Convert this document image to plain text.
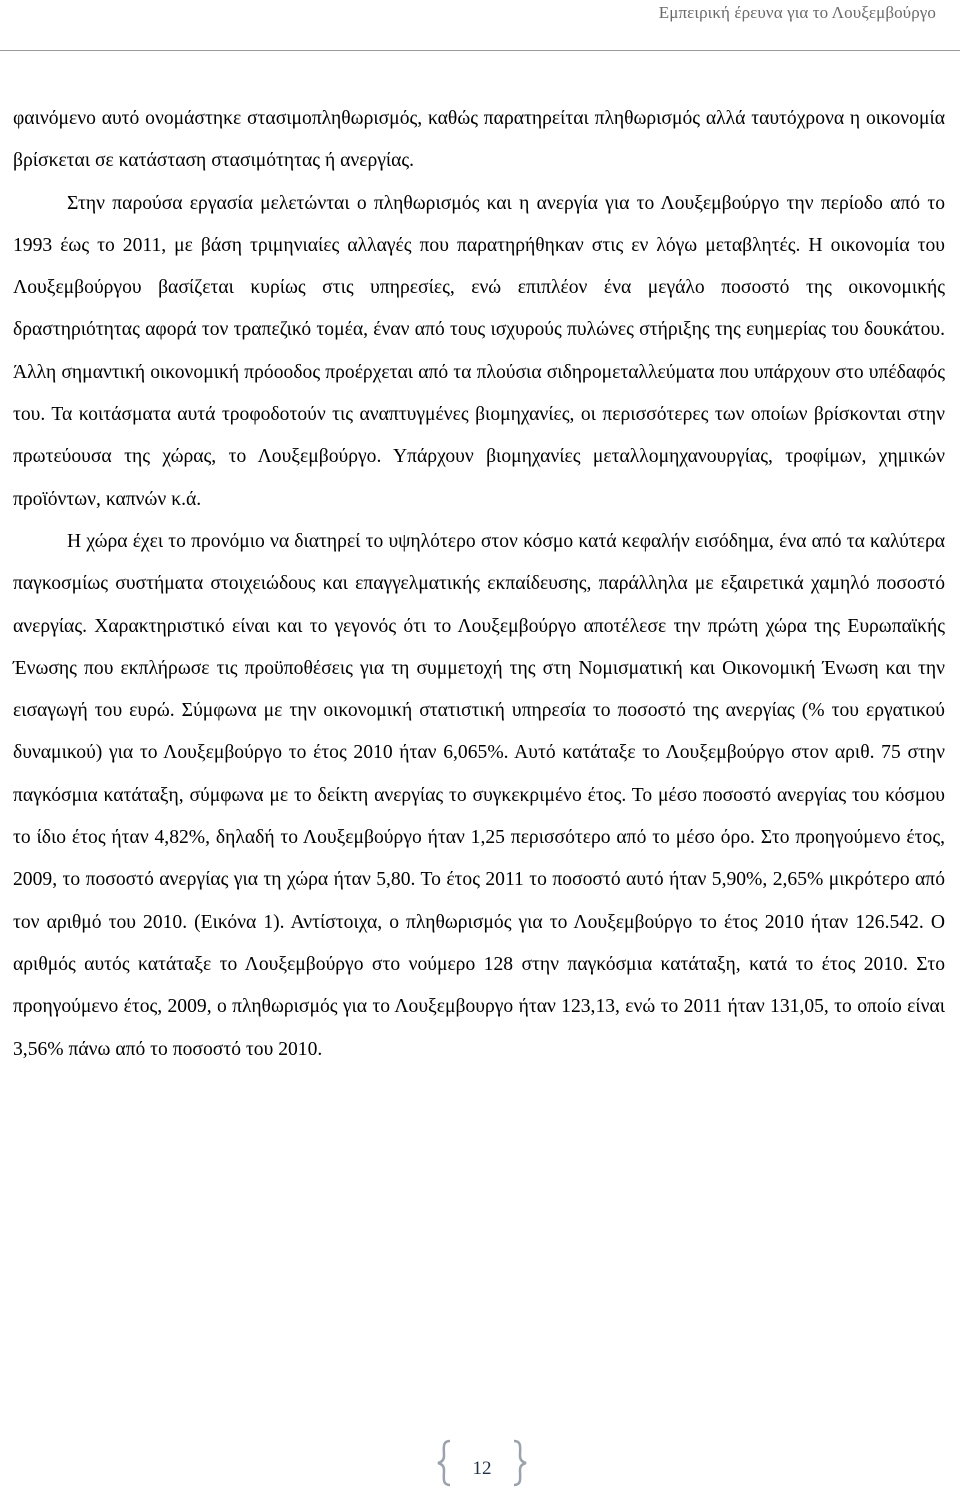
Εμπειρική έρευνα για το Λουξεμβούργο

φαινόμενο αυτό ονομάστηκε στασιμοπληθωρισμός, καθώς παρατηρείται πληθωρισμός αλλά ταυτόχρονα η οικονομία βρίσκεται σε κατάσταση στασιμότητας ή ανεργίας.

Στην παρούσα εργασία μελετώνται ο πληθωρισμός και η ανεργία για το Λουξεμβούργο την περίοδο από το 1993 έως το 2011, με βάση τριμηνιαίες αλλαγές που παρατηρήθηκαν στις εν λόγω μεταβλητές. Η οικονομία του Λουξεμβούργου βασίζεται κυρίως στις υπηρεσίες, ενώ επιπλέον ένα μεγάλο ποσοστό της οικονομικής δραστηριότητας αφορά τον τραπεζικό τομέα, έναν από τους ισχυρούς πυλώνες στήριξης της ευημερίας του δουκάτου. Άλλη σημαντική οικονομική πρόοοδος προέρχεται από τα πλούσια σιδηρομεταλλεύματα που υπάρχουν στο υπέδαφός του. Τα κοιτάσματα αυτά τροφοδοτούν τις αναπτυγμένες βιομηχανίες, οι περισσότερες των οποίων βρίσκονται στην πρωτεύουσα της χώρας, το Λουξεμβούργο. Υπάρχουν βιομηχανίες μεταλλομηχανουργίας, τροφίμων, χημικών προϊόντων, καπνών κ.ά.

Η χώρα έχει το προνόμιο να διατηρεί το υψηλότερο στον κόσμο κατά κεφαλήν εισόδημα, ένα από τα καλύτερα παγκοσμίως συστήματα στοιχειώδους και επαγγελματικής εκπαίδευσης, παράλληλα με εξαιρετικά χαμηλό ποσοστό ανεργίας. Χαρακτηριστικό είναι και το γεγονός ότι το Λουξεμβούργο αποτέλεσε την πρώτη χώρα της Ευρωπαϊκής Ένωσης που εκπλήρωσε τις προϋποθέσεις για τη συμμετοχή της στη Νομισματική και Οικονομική Ένωση και την εισαγωγή του ευρώ. Σύμφωνα με την οικονομική στατιστική υπηρεσία το ποσοστό της ανεργίας (% του εργατικού δυναμικού) για το Λουξεμβούργο το έτος 2010 ήταν 6,065%. Αυτό κατάταξε το Λουξεμβούργο στον αριθ. 75 στην παγκόσμια κατάταξη, σύμφωνα με το δείκτη ανεργίας το συγκεκριμένο έτος. Το μέσο ποσοστό ανεργίας του κόσμου το ίδιο έτος ήταν 4,82%, δηλαδή το Λουξεμβούργο ήταν 1,25 περισσότερο από το μέσο όρο. Στο προηγούμενο έτος, 2009, το ποσοστό ανεργίας για τη χώρα ήταν 5,80. Το έτος 2011 το ποσοστό αυτό ήταν 5,90%, 2,65% μικρότερο από τον αριθμό του 2010. (Εικόνα 1). Αντίστοιχα, ο πληθωρισμός για το Λουξεμβούργο το έτος 2010 ήταν 126.542. Ο αριθμός αυτός κατάταξε το Λουξεμβούργο στο νούμερο 128 στην παγκόσμια κατάταξη, κατά το έτος 2010. Στο προηγούμενο έτος, 2009, ο πληθωρισμός για το Λουξεμβουργο ήταν 123,13, ενώ το 2011 ήταν 131,05, το οποίο είναι 3,56% πάνω από το ποσοστό του 2010.

12
